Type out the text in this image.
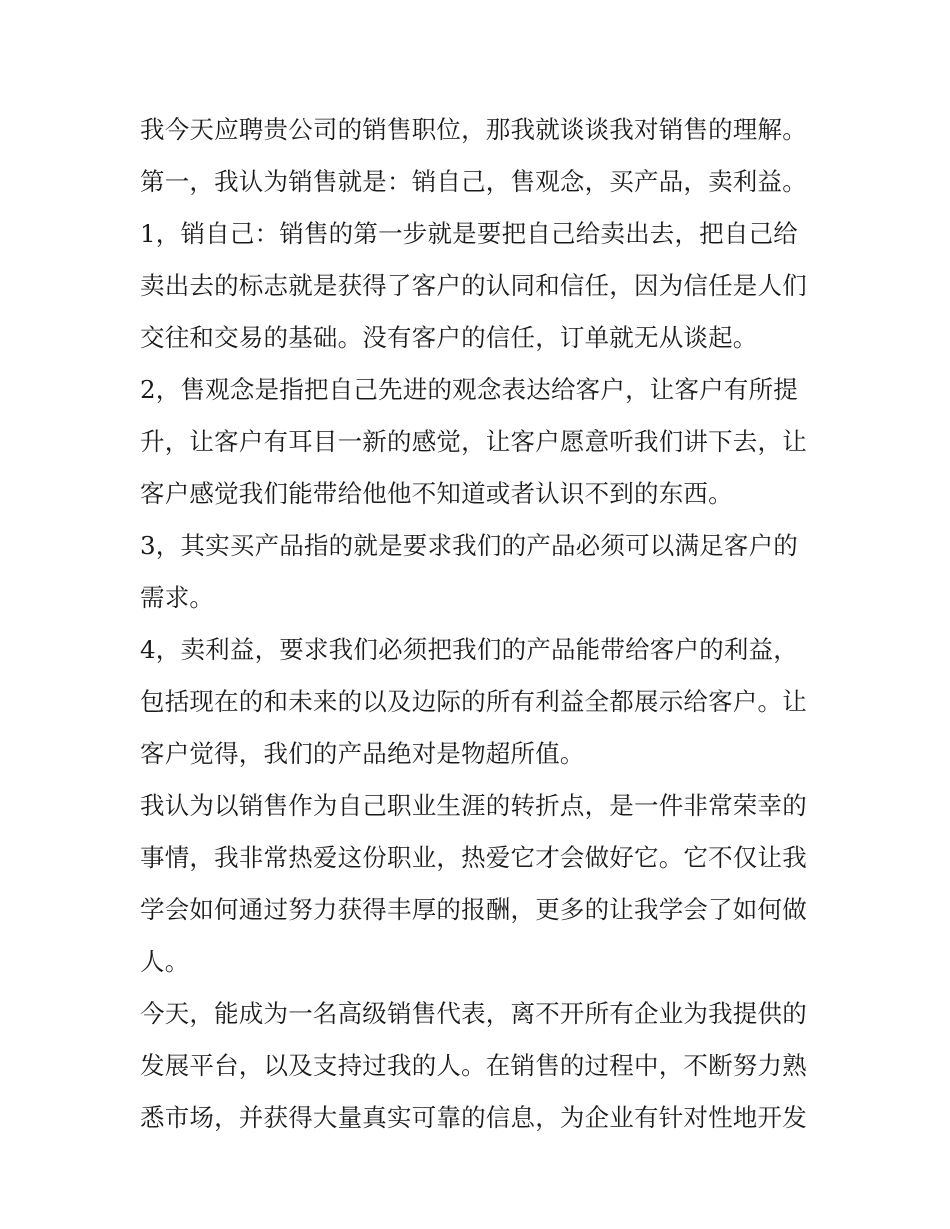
我今天应聘贵公司的销售职位，那我就谈谈我对销售的理解。
第一，我认为销售就是：销自己，售观念，买产品，卖利益。
1，销自己：销售的第一步就是要把自己给卖出去，把自己给
卖出去的标志就是获得了客户的认同和信任，因为信任是人们
交往和交易的基础。没有客户的信任，订单就无从谈起。
2，售观念是指把自己先进的观念表达给客户，让客户有所提
升，让客户有耳目一新的感觉，让客户愿意听我们讲下去，让
客户感觉我们能带给他他不知道或者认识不到的东西。
3，其实买产品指的就是要求我们的产品必须可以满足客户的
需求。
4，卖利益，要求我们必须把我们的产品能带给客户的利益，
包括现在的和未来的以及边际的所有利益全都展示给客户。让
客户觉得，我们的产品绝对是物超所值。
我认为以销售作为自己职业生涯的转折点，是一件非常荣幸的
事情，我非常热爱这份职业，热爱它才会做好它。它不仅让我
学会如何通过努力获得丰厚的报酬，更多的让我学会了如何做
人。
今天，能成为一名高级销售代表，离不开所有企业为我提供的
发展平台，以及支持过我的人。在销售的过程中，不断努力熟
悉市场，并获得大量真实可靠的信息，为企业有针对性地开发
